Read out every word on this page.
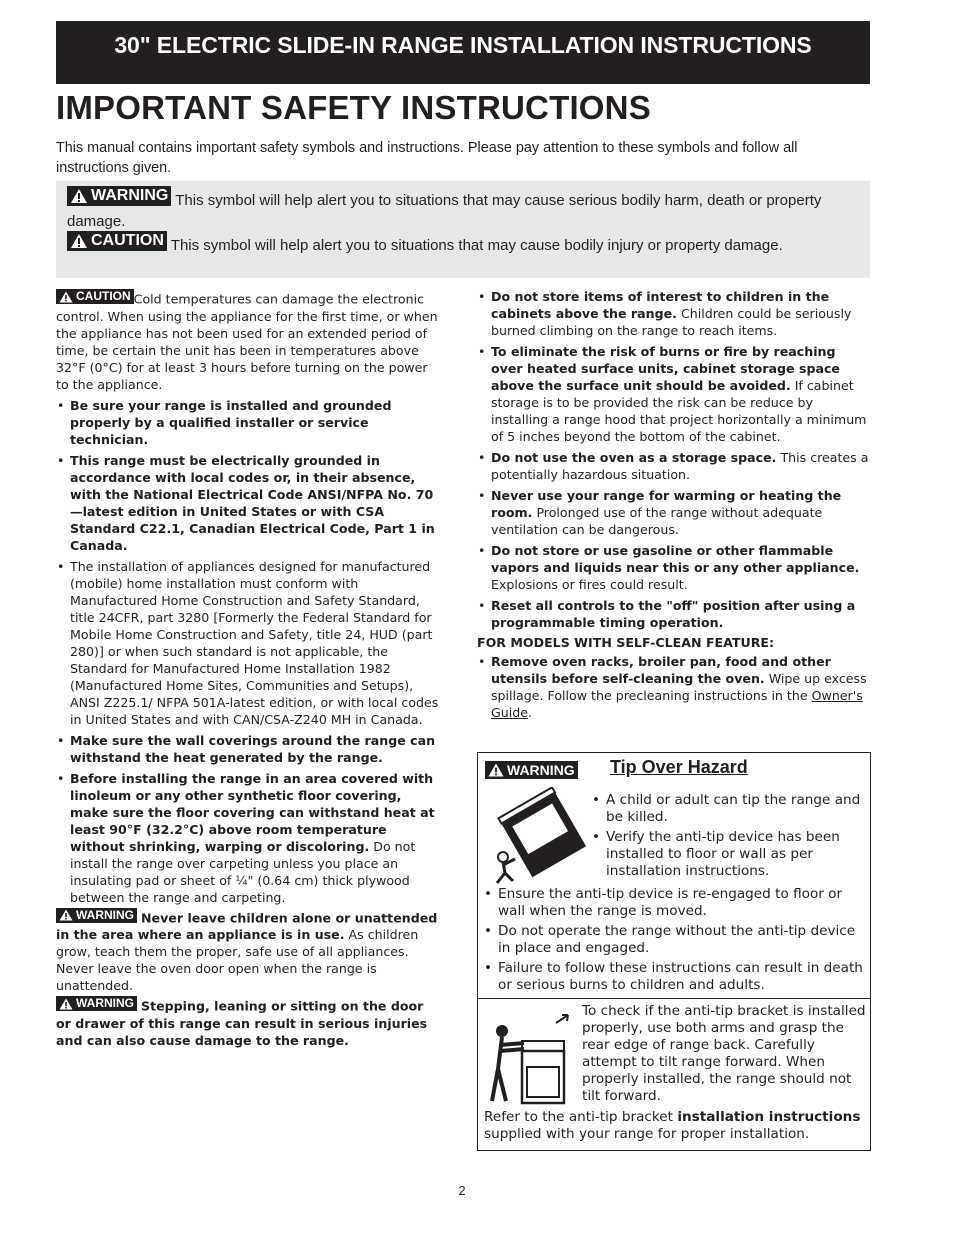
30" ELECTRIC SLIDE-IN RANGE INSTALLATION INSTRUCTIONS
IMPORTANT SAFETY INSTRUCTIONS
This manual contains important safety symbols and instructions. Please pay attention to these symbols and follow all instructions given.
WARNING This symbol will help alert you to situations that may cause serious bodily harm, death or property damage.
CAUTION This symbol will help alert you to situations that may cause bodily injury or property damage.

CAUTION Cold temperatures can damage the electronic control. When using the appliance for the first time, or when the appliance has not been used for an extended period of time, be certain the unit has been in temperatures above 32°F (0°C) for at least 3 hours before turning on the power to the appliance.

• Be sure your range is installed and grounded properly by a qualified installer or service technician.
• This range must be electrically grounded in accordance with local codes or, in their absence, with the National Electrical Code ANSI/NFPA No. 70—latest edition in United States or with CSA Standard C22.1, Canadian Electrical Code, Part 1 in Canada.
• The installation of appliances designed for manufactured (mobile) home installation must conform with Manufactured Home Construction and Safety Standard, title 24CFR, part 3280 [Formerly the Federal Standard for Mobile Home Construction and Safety, title 24, HUD (part 280)] or when such standard is not applicable, the Standard for Manufactured Home Installation 1982 (Manufactured Home Sites, Communities and Setups), ANSI Z225.1/ NFPA 501A-latest edition, or with local codes in United States and with CAN/CSA-Z240 MH in Canada.
• Make sure the wall coverings around the range can withstand the heat generated by the range.
• Before installing the range in an area covered with linoleum or any other synthetic floor covering, make sure the floor covering can withstand heat at least 90°F (32.2°C) above room temperature without shrinking, warping or discoloring. Do not install the range over carpeting unless you place an insulating pad or sheet of ¼" (0.64 cm) thick plywood between the range and carpeting.

WARNING Never leave children alone or unattended in the area where an appliance is in use. As children grow, teach them the proper, safe use of all appliances. Never leave the oven door open when the range is unattended.

WARNING Stepping, leaning or sitting on the door or drawer of this range can result in serious injuries and can also cause damage to the range.

• Do not store items of interest to children in the cabinets above the range. Children could be seriously burned climbing on the range to reach items.
• To eliminate the risk of burns or fire by reaching over heated surface units, cabinet storage space above the surface unit should be avoided. If cabinet storage is to be provided the risk can be reduce by installing a range hood that project horizontally a minimum of 5 inches beyond the bottom of the cabinet.
• Do not use the oven as a storage space. This creates a potentially hazardous situation.
• Never use your range for warming or heating the room. Prolonged use of the range without adequate ventilation can be dangerous.
• Do not store or use gasoline or other flammable vapors and liquids near this or any other appliance. Explosions or fires could result.
• Reset all controls to the "off" position after using a programmable timing operation.

FOR MODELS WITH SELF-CLEAN FEATURE:

• Remove oven racks, broiler pan, food and other utensils before self-cleaning the oven. Wipe up excess spillage. Follow the precleaning instructions in the Owner's Guide.
WARNING Tip Over Hazard
• A child or adult can tip the range and be killed.
• Verify the anti-tip device has been installed to floor or wall as per installation instructions.
• Ensure the anti-tip device is re-engaged to floor or wall when the range is moved.
• Do not operate the range without the anti-tip device in place and engaged.
• Failure to follow these instructions can result in death or serious burns to children and adults.
To check if the anti-tip bracket is installed properly, use both arms and grasp the rear edge of range back. Carefully attempt to tilt range forward. When properly installed, the range should not tilt forward.
Refer to the anti-tip bracket installation instructions supplied with your range for proper installation.
2
